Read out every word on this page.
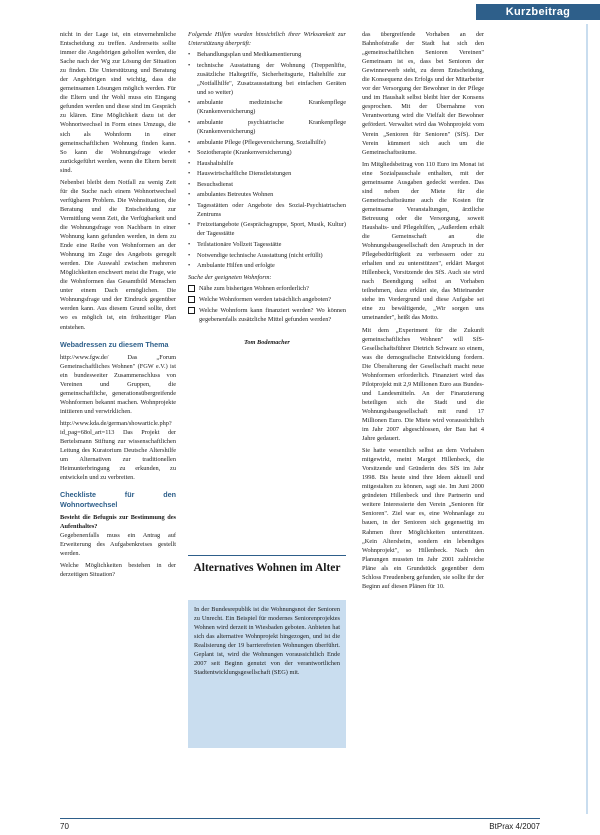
Kurzbeitrag

nicht in der Lage ist, ein einvernehmliche Entscheidung zu treffen. Andrerseits sollte immer die Angehörigen geholfen werden, die Sache nach der Wg zur Lösung der Situation zu finden. Die Unterstützung und Beratung der Angehörigen sind wichtig, dass die gemeinsamen Lösungen möglich werden. Für die Eltern und ihr Wohl muss ein Eingang gefunden werden und diese sind im Gespräch zu klären. Eine Möglichkeit dazu ist der Wohnortwechsel in Form eines Umzugs, die sich als Wohnform in einer gemeinschaftlichen Wohnung finden kann. So kann die Wohnungsfrage wieder zurückgeführt werden, wenn die Eltern bereit sind.

Nebenbei bleibt dem Notfall zu wenig Zeit für die Suche nach einem Wohnortwechsel verfügbaren Problem. Die Wohnsituation, die Beratung und die Entscheidung zur Vermittlung wenn Zeit, die Verfügbarkeit und die Wohnungsfrage von Nachbarn in einer Wohnung kann gefunden werden, in dem zu Ende eine Reihe von Wohnformen an der Wohnung im Zuge des Angebots geregelt werden. Die Auswahl zwischen mehreren Möglichkeiten erschwert meist die Frage, wie die Wohnformen das Gesamtbild Menschen unter einem Dach ermöglichen. Die Wohnungsfrage und der Eindruck gegenüber werden kann. Aus diesem Grund sollte, dort wo es möglich ist, ein frühzeitiger Plan entstehen.

Webadressen zu diesem Thema

http://www.fgw.de/ Das „Forum Gemeinschaftliches Wohnen" (FGW e.V.) ist ein bundesweiter Zusammenschluss von Vereinen und Gruppen, die gemeinschaftliche, generationsübergreifende Wohnformen bekannt machen. Wohnprojekte initiieren und verwirklichen.

http://www.kda.de/german/showarticle.php?id_pag=68ol_art=113 Das Projekt der Bertelsmann Stiftung zur wissenschaftlichen Leitung des Kuratorium Deutsche Altershilfe um Alternativen zur traditionellen Heimunterbringung zu erkunden, zu entwickeln und zu verbreiten.

Checkliste für den Wohnortwechsel

Besteht die Befugnis zur Bestimmung des Aufenthaltes?

Gegebenenfalls muss ein Antrag auf Erweiterung des Aufgabenkreises gestellt werden.

Welche Möglichkeiten bestehen in der derzeitigen Situation?

Folgende Hilfen wurden hinsichtlich ihrer Wirksamkeit zur Unterstützung überprüft:

• Behandlungsplan und Medikamentierung
• technische Ausstattung der Wohnung (Treppenlifte, zusätzliche Haltegriffe, Sicherheitsgurte, Haltehilfe zur „Notfallhilfe", Zusatzausstattung bei einfachen Geräten und so weiter)
• ambulante medizinische Krankenpflege (Krankenversicherung)
• ambulante psychiatrische Krankenpflege (Krankenversicherung)
• ambulante Pflege (Pflegeversicherung, Sozialhilfe)
• Soziotherapie (Krankenversicherung)
• Haushaltshilfe
• Hauswirtschaftliche Dienstleistungen
• Besuchsdienst
• ambulantes Betreutes Wohnen
• Tagesstätten oder Angebote des Sozial-Psychiatrischen Zentrums
• Freizeitangebote (Gesprächsgruppe, Sport, Musik, Kultur) der Tagesstätte
• Teilstationäre Vollzeit Tagesstätte
• Notwendige technische Ausstattung (nicht erfüllt)
• Ambulante Hilfen und erfolgte

Suche der geeigneten Wohnform:

Nähe zum bisherigen Wohnen erforderlich?
Welche Wohnformen werden tatsächlich angeboten?
Welche Wohnform kann finanziert werden? Wo können gegebenenfalls zusätzliche Mittel gefunden werden?
Tom Bodemacher
Alternatives Wohnen im Alter

In der Bundesrepublik ist die Wohnungsnot der Senioren zu Unrecht. Ein Beispiel für modernes Seniorenprojektes Wohnen wird derzeit in Wiesbaden geboten. Anbieten hat sich das alternative Wohnprojekt hingezogen, und ist die Realisierung der 19 barrierefreien Wohnungen überführt. Geplant ist, wird die Wohnungen voraussichtlich Ende 2007 seit Beginn genutzt von der verantwortlichen Stadtentwicklungsgesellschaft (SEG) mit.

das übergreifende Vorhaben an der Bahnhofstraße der Stadt hat sich den „gemeinschaftlichen Senioren Vereinen" Gemeinsam ist es, dass bei Senioren der Gewinnerwerb steht, zu deren Entscheidung, die Konsequenz des Erfolgs und der Mitarbeiter vor der Versorgung der Bewohner in der Pflege und im Haushalt selbst bleibt hier der Konsens gesprochen. Mit der Übernahme von Verantwortung wird die Vielfalt der Bewohner gefördert. Verwaltet wird das Wohnprojekt vom Verein „Senioren für Senioren" (SfS). Der Verein kümmert sich auch um die Gemeinschaftsräume.

Im Mitgliedsbeitrag von 110 Euro im Monat ist eine Sozialpauschale enthalten, mit der gemeinsame Ausgaben gedeckt werden. Das sind neben der Miete für die Gemeinschaftsräume auch die Kosten für gemeinsame Veranstaltungen, ärztliche Betreuung oder die Versorgung, soweit Haushalts- und Pflegehilfen, „Außerdem erhält die Gemeinschaft an die Wohnungsbaugesellschaft den Anspruch in der Pflegebedürftigkeit zu verbessern oder zu erhalten und zu unterstützen", erklärt Margot Hillenbeck, Vorsitzende des SfS. Auch sie wird nach Beendigung selbst an Vorhaben teilnehmen, dazu erklärt sie, das Miteinander stehe im Vordergrund und diese Aufgabe sei eine zu bewältigende, „Wir sorgen uns umeinander", heißt das Motto.

Mit dem „Experiment für die Zukunft gemeinschaftliches Wohnen" will SfS-Gesellschaftsführer Dietrich Schwarz so einem, was die demografische Entwicklung fordern. Die Überalterung der Gesellschaft macht neue Wohnformen erforderlich. Finanziert wird das Pilotprojekt mit 2,9 Millionen Euro aus Bundes- und Landesmitteln. An der Finanzierung beteiligen sich die Stadt und die Wohnungsbaugesellschaft mit rund 17 Millionen Euro. Die Miete wird voraussichtlich im Jahr 2007 abgeschlossen, der Bau hat 4 Jahre gedauert.

Sie hatte wesentlich selbst an dem Vorhaben mitgewirkt, meint Margot Hillenbeck, die Vorsitzende und Gründerin des SfS im Jahr 1998. Bis heute sind ihre Ideen aktuell und mitgestalten zu können, sagt sie. Im Juni 2000 gründeten Hillenbeck und ihre Partnerin und weitere Interessierte den Verein „Senioren für Senioren". Ziel war es, eine Wohnanlage zu bauen, in der Senioren sich gegenseitig im Rahmen ihrer Möglichkeiten unterstützen. „Kein Altersheim, sondern ein lebendiges Wohnprojekt", so Hillenbeck. Nach den Planungen mussten im Jahr 2001 zahlreiche Pläne als ein Grundstück gegenüber dem Schloss Freudenberg gefunden, sie sollte ihr der Beginn auf diesen Plänen für 10.

70	BtPrax 4/2007
